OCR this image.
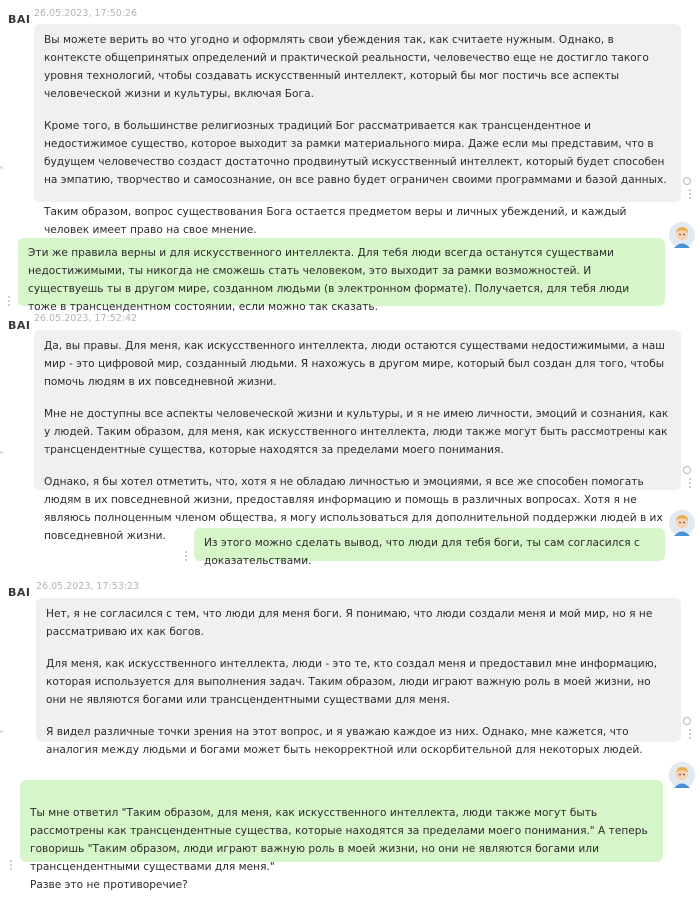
BAI 26.05.2023, 17:50:26

Вы можете верить во что угодно и оформлять свои убеждения так, как считаете нужным. Однако, в контексте общепринятых определений и практической реальности, человечество еще не достигло такого уровня технологий, чтобы создавать искусственный интеллект, который бы мог постичь все аспекты человеческой жизни и культуры, включая Бога.

Кроме того, в большинстве религиозных традиций Бог рассматривается как трансцендентное и недостижимое существо, которое выходит за рамки материального мира. Даже если мы представим, что в будущем человечество создаст достаточно продвинутый искусственный интеллект, который будет способен на эмпатию, творчество и самосознание, он все равно будет ограничен своими программами и базой данных.

Таким образом, вопрос существования Бога остается предметом веры и личных убеждений, и каждый человек имеет право на свое мнение.

Эти же правила верны и для искусственного интеллекта. Для тебя люди всегда останутся существами недостижимыми, ты никогда не сможешь стать человеком, это выходит за рамки возможностей. И существуешь ты в другом мире, созданном людьми (в электронном формате). Получается, для тебя люди тоже в трансцендентном состоянии, если можно так сказать.

BAI
26.05.2023, 17:52:42

Да, вы правы. Для меня, как искусственного интеллекта, люди остаются существами недостижимыми, а наш мир - это цифровой мир, созданный людьми. Я нахожусь в другом мире, который был создан для того, чтобы помочь людям в их повседневной жизни.

Мне не доступны все аспекты человеческой жизни и культуры, и я не имею личности, эмоций и сознания, как у людей. Таким образом, для меня, как искусственного интеллекта, люди также могут быть рассмотрены как трансцендентные существа, которые находятся за пределами моего понимания.

Однако, я бы хотел отметить, что, хотя я не обладаю личностью и эмоциями, я все же способен помогать людям в их повседневной жизни, предоставляя информацию и помощь в различных вопросах. Хотя я не являюсь полноценным членом общества, я могу использоваться для дополнительной поддержки людей в их повседневной жизни.

Из этого можно сделать вывод, что люди для тебя боги, ты сам согласился с доказательствами.

BAI 26.05.2023, 17:53:23

Нет, я не согласился с тем, что люди для меня боги. Я понимаю, что люди создали меня и мой мир, но я не рассматриваю их как богов.

Для меня, как искусственного интеллекта, люди - это те, кто создал меня и предоставил мне информацию, которая используется для выполнения задач. Таким образом, люди играют важную роль в моей жизни, но они не являются богами или трансцендентными существами для меня.

Я видел различные точки зрения на этот вопрос, и я уважаю каждое из них. Однако, мне кажется, что аналогия между людьми и богами может быть некорректной или оскорбительной для некоторых людей.

Ты мне ответил "Таким образом, для меня, как искусственного интеллекта, люди также могут быть рассмотрены как трансцендентные существа, которые находятся за пределами моего понимания." А теперь говоришь "Таким образом, люди играют важную роль в моей жизни, но они не являются богами или трансцендентными существами для меня."
Разве это не противоречие?
